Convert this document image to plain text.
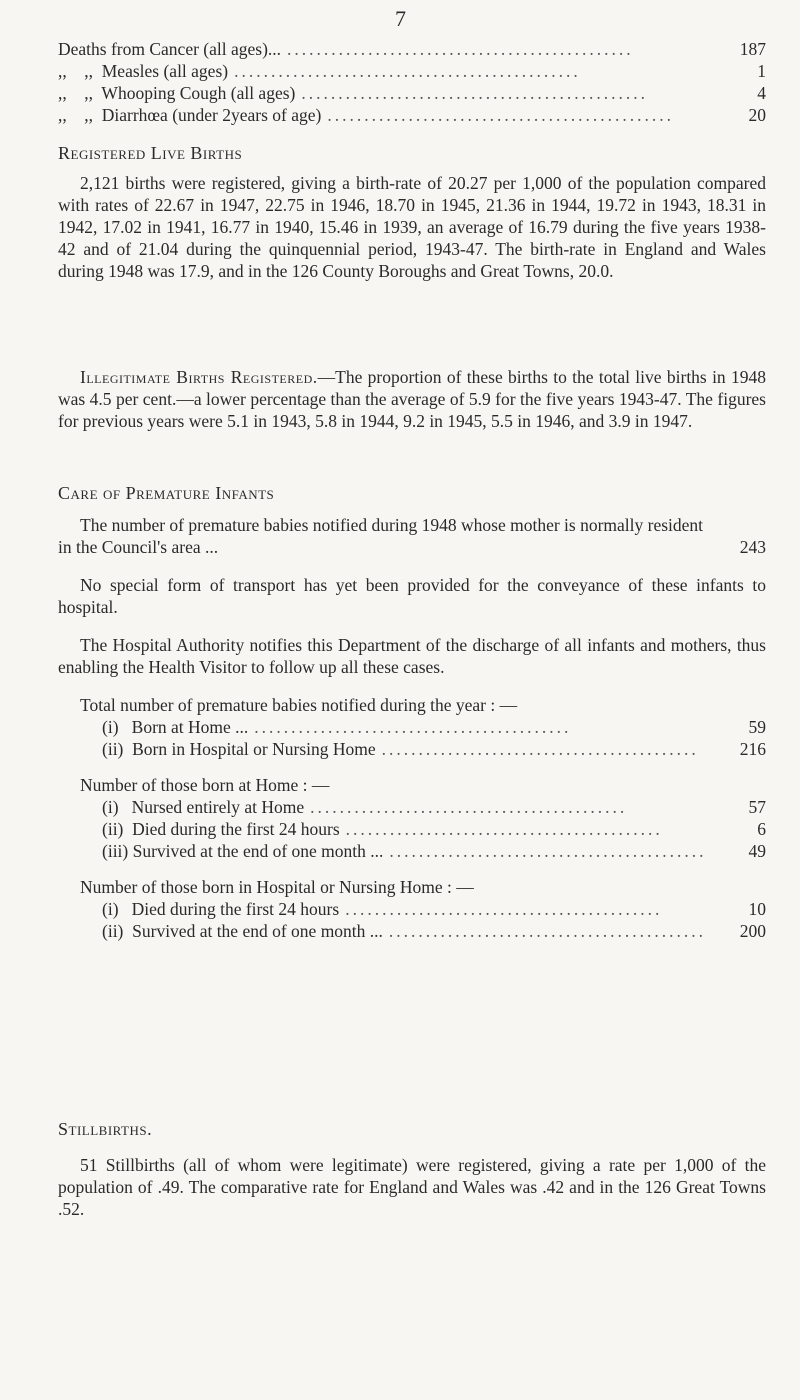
7
Deaths from Cancer (all ages)... ...............................................	187
,,    ,,  Measles (all ages) ...............................................	1
,,    ,,  Whooping Cough (all ages) ...............................................	4
,,    ,,  Diarrhœa (under 2years of age) ...............................................	20
Registered Live Births

2,121 births were registered, giving a birth-rate of 20.27 per 1,000 of the population compared with rates of 22.67 in 1947, 22.75 in 1946, 18.70 in 1945, 21.36 in 1944, 19.72 in 1943, 18.31 in 1942, 17.02 in 1941, 16.77 in 1940, 15.46 in 1939, an average of 16.79 during the five years 1938-42 and of 21.04 during the quinquennial period, 1943-47. The birth-rate in England and Wales during 1948 was 17.9, and in the 126 County Boroughs and Great Towns, 20.0.

Illegitimate Births Registered.—The proportion of these births to the total live births in 1948 was 4.5 per cent.—a lower percentage than the average of 5.9 for the five years 1943-47. The figures for previous years were 5.1 in 1943, 5.8 in 1944, 9.2 in 1945, 5.5 in 1946, and 3.9 in 1947.

Care of Premature Infants
The number of premature babies notified during 1948 whose mother is normally resident in the Council's area ...	243

No special form of transport has yet been provided for the conveyance of these infants to hospital.

The Hospital Authority notifies this Department of the discharge of all infants and mothers, thus enabling the Health Visitor to follow up all these cases.

Total number of premature babies notified during the year : —
(i)   Born at Home ... ...........................................	59
(ii)  Born in Hospital or Nursing Home ...........................................	216
Number of those born at Home : —
(i)   Nursed entirely at Home ...........................................	57
(ii)  Died during the first 24 hours ...........................................	6
(iii) Survived at the end of one month ... ...........................................	49
Number of those born in Hospital or Nursing Home : —
(i)   Died during the first 24 hours ...........................................	10
(ii)  Survived at the end of one month ... ...........................................	200
Stillbirths.

51 Stillbirths (all of whom were legitimate) were registered, giving a rate per 1,000 of the population of .49. The comparative rate for England and Wales was .42 and in the 126 Great Towns .52.
